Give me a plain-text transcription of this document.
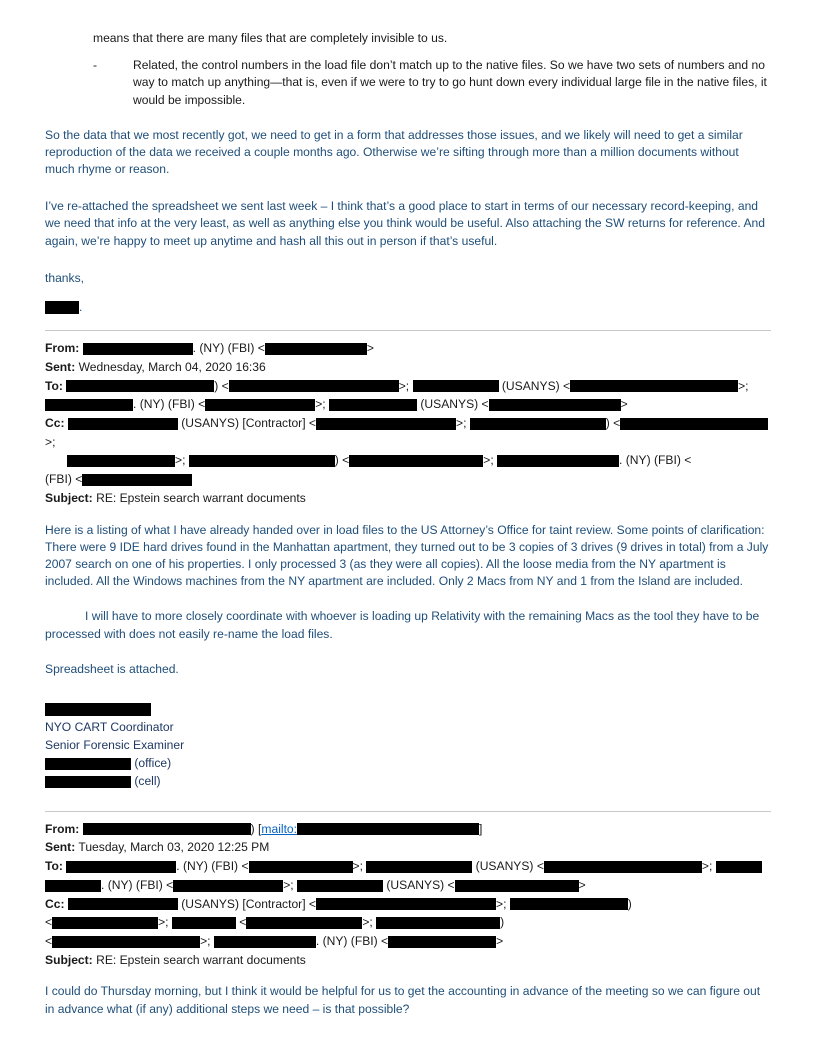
means that there are many files that are completely invisible to us.

-	Related, the control numbers in the load file don’t match up to the native files. So we have two sets of numbers and no way to match up anything—that is, even if we were to try to go hunt down every individual large file in the native files, it would be impossible.

So the data that we most recently got, we need to get in a form that addresses those issues, and we likely will need to get a similar reproduction of the data we received a couple months ago. Otherwise we’re sifting through more than a million documents without much rhyme or reason.

I’ve re-attached the spreadsheet we sent last week – I think that’s a good place to start in terms of our necessary record-keeping, and we need that info at the very least, as well as anything else you think would be useful. Also attaching the SW returns for reference. And again, we’re happy to meet up anytime and hash all this out in person if that’s useful.

thanks,

.

From:	. (NY) (FBI) <	>
Sent: Wednesday, March 04, 2020 16:36
To:	) <	>;	(USANYS) <	>;
. (NY) (FBI) <	>;	(USANYS) <	>
Cc:	(USANYS) [Contractor] <	>;	) <>;
>;	) <	>;	. (NY) (FBI) <
(FBI) <
Subject: RE: Epstein search warrant documents

Here is a listing of what I have already handed over in load files to the US Attorney’s Office for taint review. Some points of clarification: There were 9 IDE hard drives found in the Manhattan apartment, they turned out to be 3 copies of 3 drives (9 drives in total) from a July 2007 search on one of his properties. I only processed 3 (as they were all copies). All the loose media from the NY apartment is included. All the Windows machines from the NY apartment are included. Only 2 Macs from NY and 1 from the Island are included.

I will have to more closely coordinate with whoever is loading up Relativity with the remaining Macs as the tool they have to be processed with does not easily re-name the load files.

Spreadsheet is attached.

NYO CART Coordinator
Senior Forensic Examiner
(office)
(cell)
From:	) [mailto:	]
Sent: Tuesday, March 03, 2020 12:25 PM
To:	. (NY) (FBI) <	>;	(USANYS) <	>;
. (NY) (FBI) <	>;	(USANYS) <	>
Cc:	(USANYS) [Contractor] <	>;	)
<	>;	<	>;	)
<	>;	. (NY) (FBI) <	>
Subject: RE: Epstein search warrant documents

I could do Thursday morning, but I think it would be helpful for us to get the accounting in advance of the meeting so we can figure out in advance what (if any) additional steps we need – is that possible?
